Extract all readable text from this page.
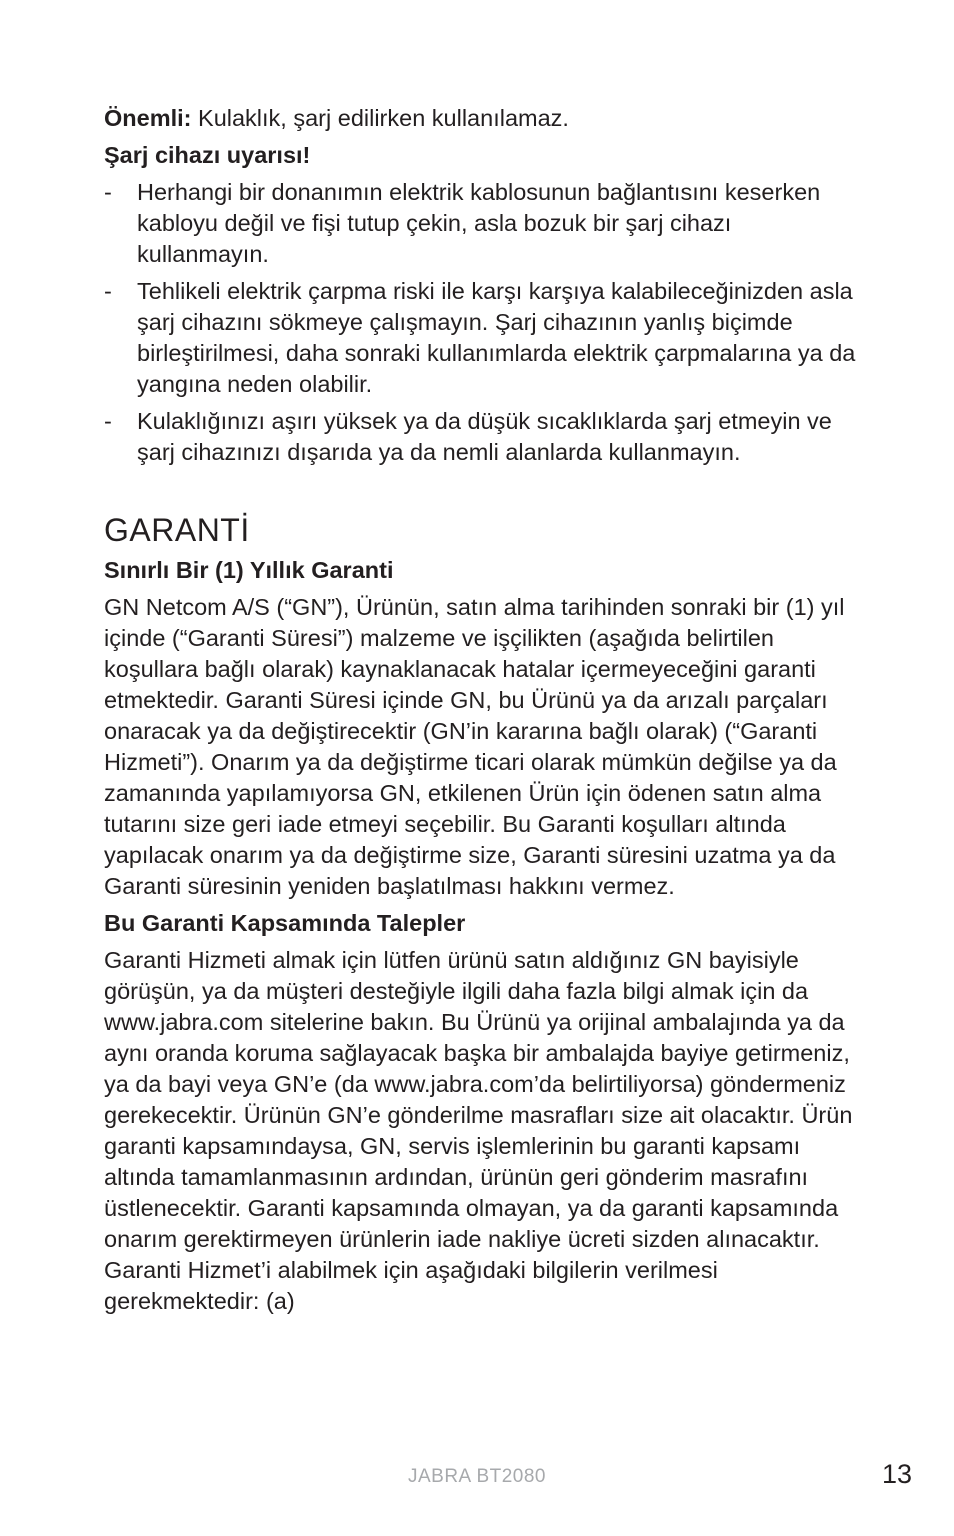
Önemli: Kulaklık, şarj edilirken kullanılamaz.

Şarj cihazı uyarısı!
- Herhangi bir donanımın elektrik kablosunun bağlantısını keserken kabloyu değil ve fişi tutup çekin, asla bozuk bir şarj cihazı kullanmayın.
- Tehlikeli elektrik çarpma riski ile karşı karşıya kalabileceğinizden asla şarj cihazını sökmeye çalışmayın. Şarj cihazının yanlış biçimde birleştirilmesi, daha sonraki kullanımlarda elektrik çarpmalarına ya da yangına neden olabilir.
- Kulaklığınızı aşırı yüksek ya da düşük sıcaklıklarda şarj etmeyin ve şarj cihazınızı dışarıda ya da nemli alanlarda kullanmayın.
GARANTİ
Sınırlı Bir (1) Yıllık Garanti

GN Netcom A/S (“GN”), Ürünün, satın alma tarihinden sonraki bir (1) yıl içinde (“Garanti Süresi”) malzeme ve işçilikten (aşağıda belirtilen koşullara bağlı olarak) kaynaklanacak hatalar içermeyeceğini garanti etmektedir. Garanti Süresi içinde GN, bu Ürünü ya da arızalı parçaları onaracak ya da değiştirecektir (GN’in kararına bağlı olarak) (“Garanti Hizmeti”). Onarım ya da değiştirme ticari olarak mümkün değilse ya da zamanında yapılamıyorsa GN, etkilenen Ürün için ödenen satın alma tutarını size geri iade etmeyi seçebilir. Bu Garanti koşulları altında yapılacak onarım ya da değiştirme size, Garanti süresini uzatma ya da Garanti süresinin yeniden başlatılması hakkını vermez.

Bu Garanti Kapsamında Talepler

Garanti Hizmeti almak için lütfen ürünü satın aldığınız GN bayisiyle görüşün, ya da müşteri desteğiyle ilgili daha fazla bilgi almak için da www.jabra.com sitelerine bakın. Bu Ürünü ya orijinal ambalajında ya da aynı oranda koruma sağlayacak başka bir ambalajda bayiye getirmeniz, ya da bayi veya GN’e (da www.jabra.com’da belirtiliyorsa) göndermeniz gerekecektir. Ürünün GN’e gönderilme masrafları size ait olacaktır. Ürün garanti kapsamındaysa, GN, servis işlemlerinin bu garanti kapsamı altında tamamlanmasının ardından, ürünün geri gönderim masrafını üstlenecektir. Garanti kapsamında olmayan, ya da garanti kapsamında onarım gerektirmeyen ürünlerin iade nakliye ücreti sizden alınacaktır. Garanti Hizmet’i alabilmek için aşağıdaki bilgilerin verilmesi gerekmektedir: (a)

JABRA BT2080	13
